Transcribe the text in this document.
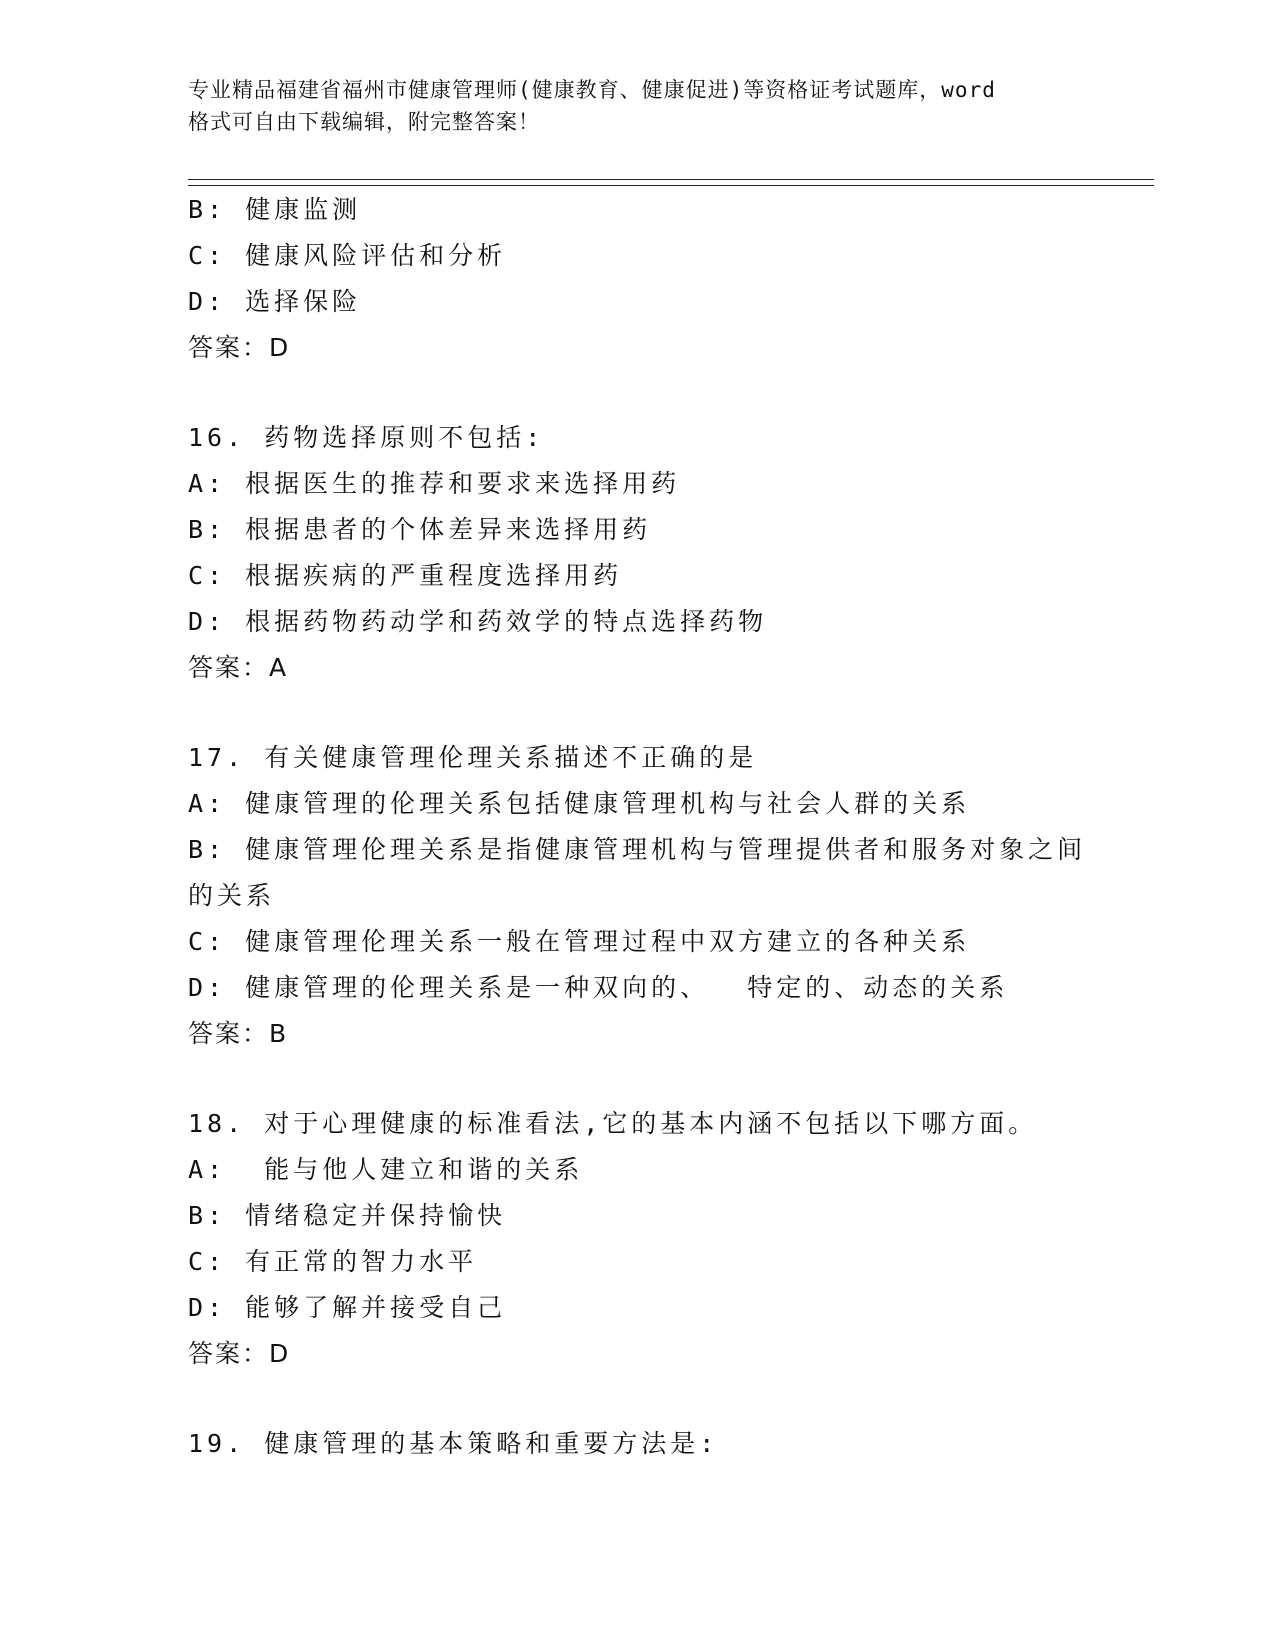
专业精品福建省福州市健康管理师(健康教育、健康促进)等资格证考试题库，word
格式可自由下载编辑，附完整答案！
B: 健康监测
C: 健康风险评估和分析
D: 选择保险
答案：D
16. 药物选择原则不包括:
A: 根据医生的推荐和要求来选择用药
B: 根据患者的个体差异来选择用药
C: 根据疾病的严重程度选择用药
D: 根据药物药动学和药效学的特点选择药物
答案：A
17. 有关健康管理伦理关系描述不正确的是
A: 健康管理的伦理关系包括健康管理机构与社会人群的关系
B: 健康管理伦理关系是指健康管理机构与管理提供者和服务对象之间
的关系
C: 健康管理伦理关系一般在管理过程中双方建立的各种关系
D: 健康管理的伦理关系是一种双向的、  特定的、动态的关系
答案：B
18. 对于心理健康的标准看法,它的基本内涵不包括以下哪方面。
A:  能与他人建立和谐的关系
B: 情绪稳定并保持愉快
C: 有正常的智力水平
D: 能够了解并接受自己
答案：D
19. 健康管理的基本策略和重要方法是:
